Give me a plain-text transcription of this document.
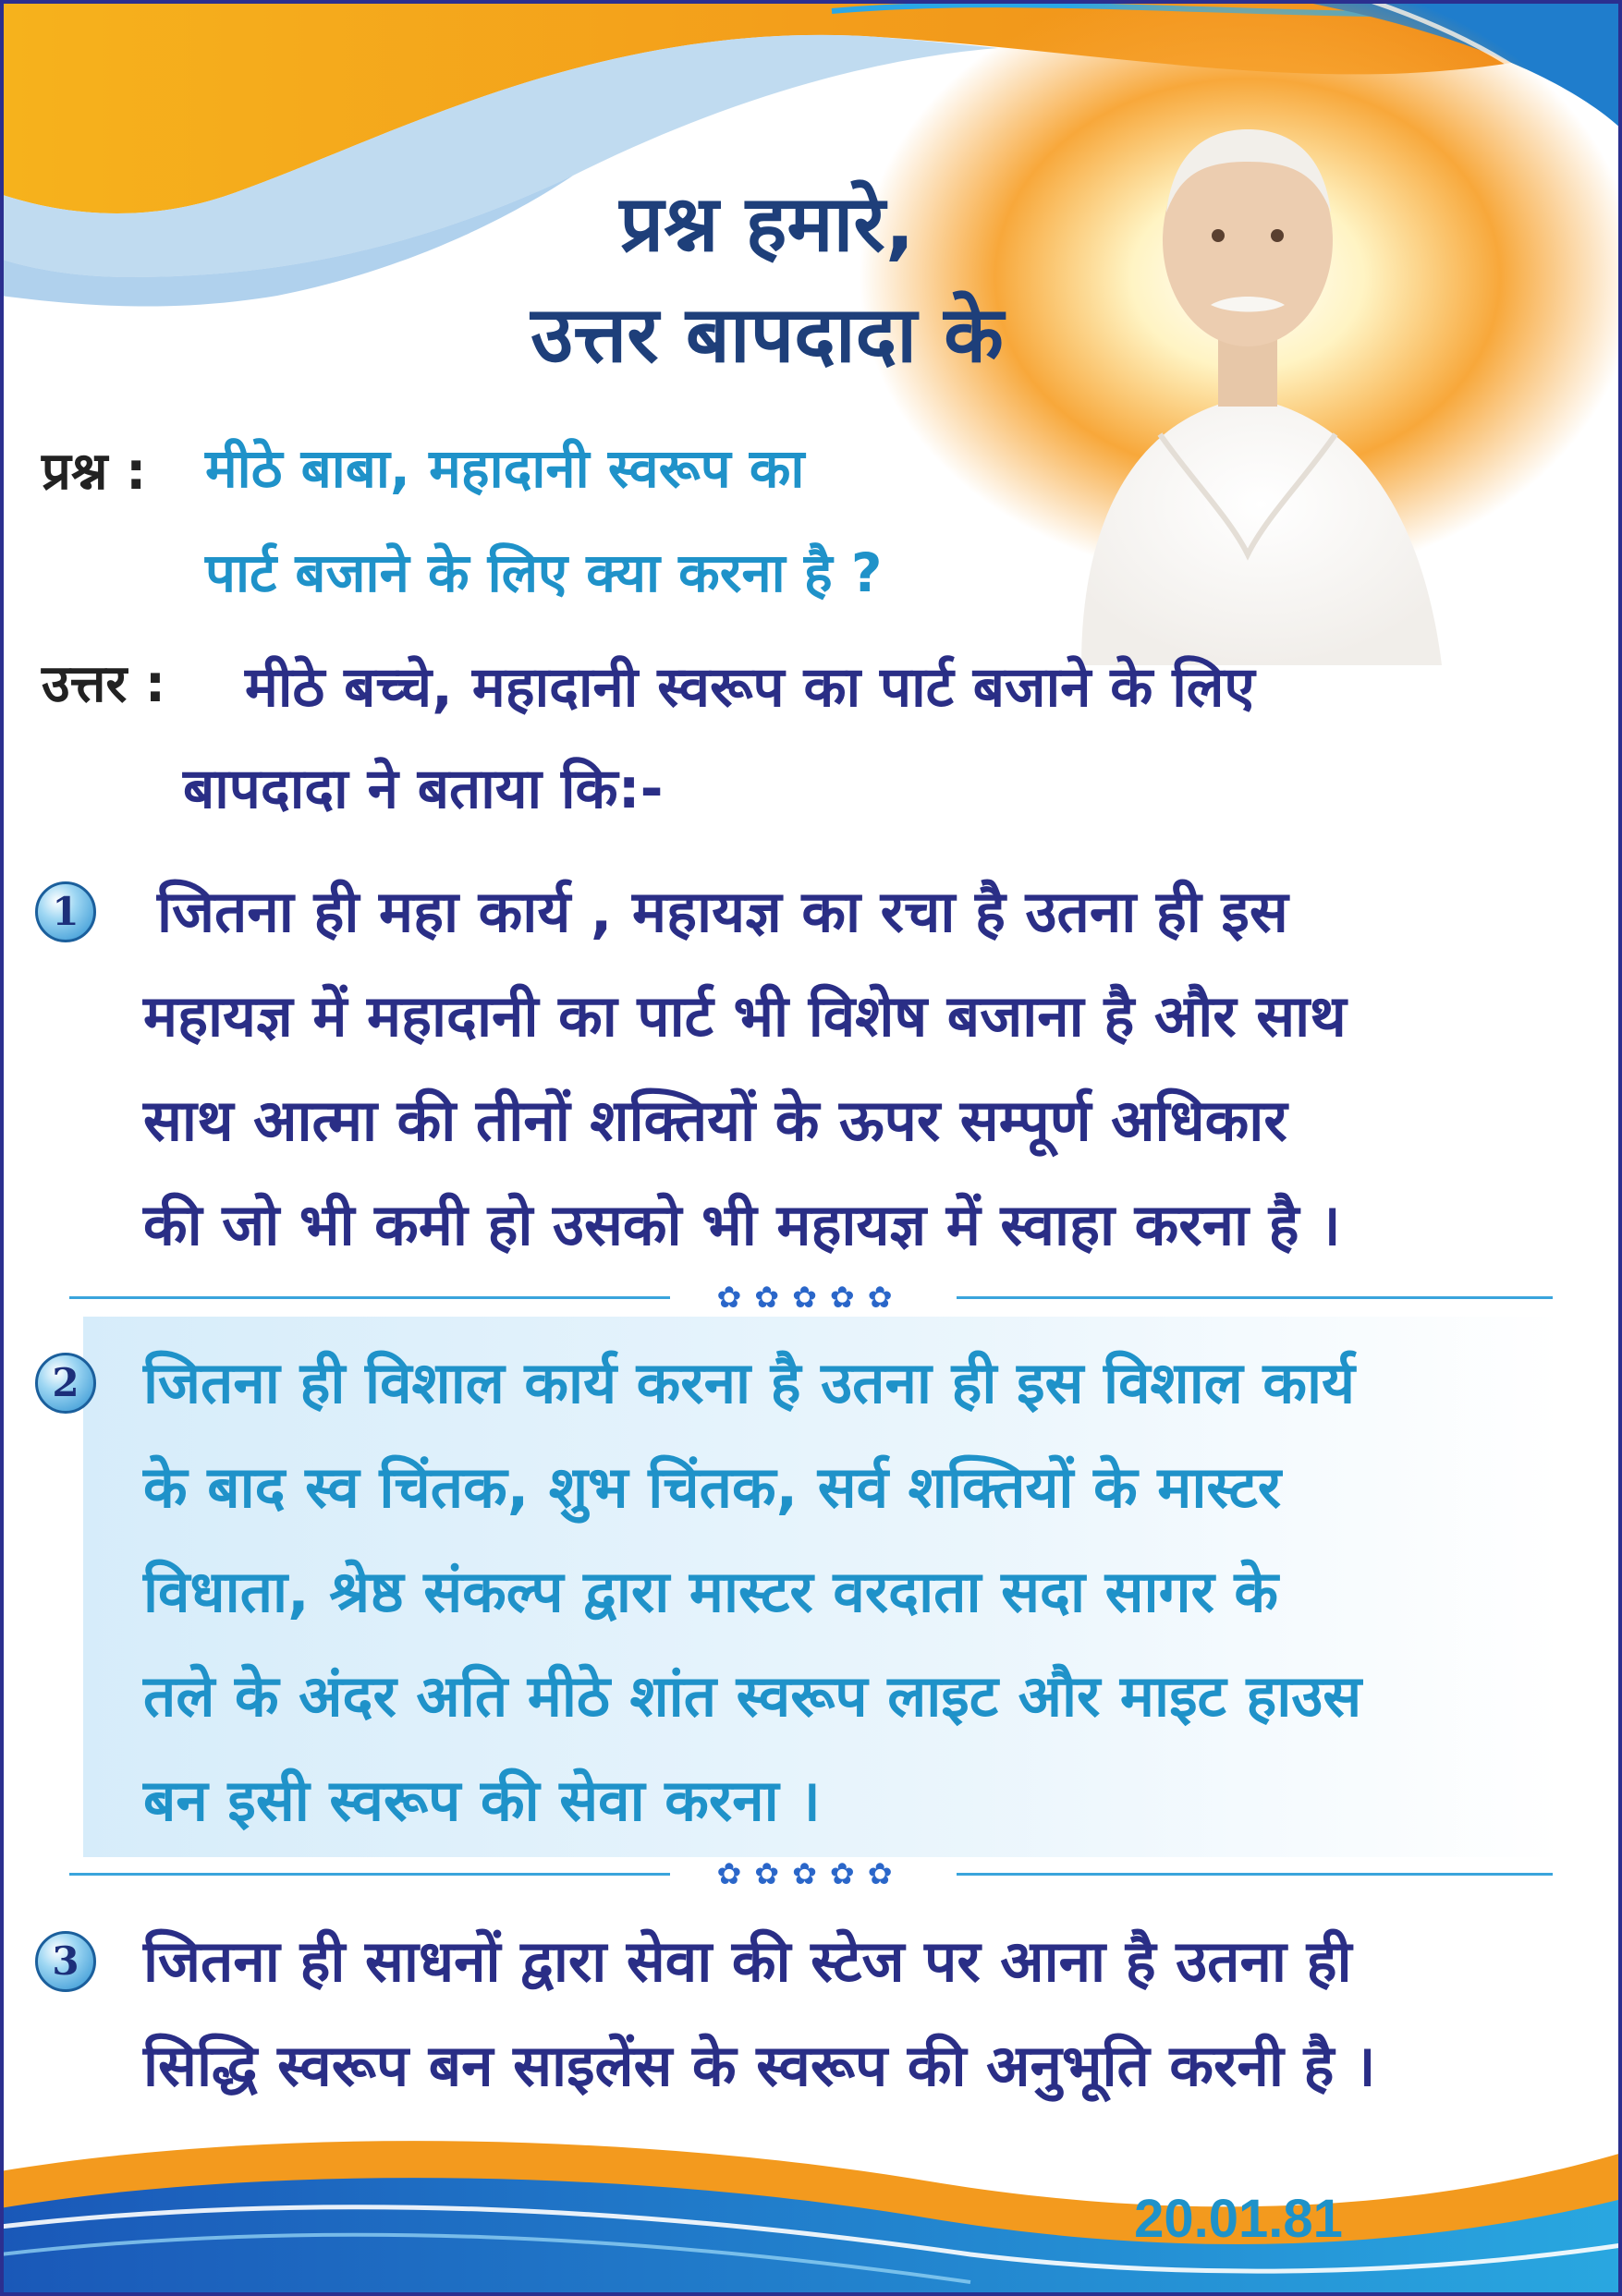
प्रश्न हमारे,
उत्तर बापदादा के
प्रश्न : मीठे बाबा, महादानी स्वरूप का
पार्ट बजाने के लिए क्या करना है ?
उत्तर : मीठे बच्चे, महादानी स्वरूप का पार्ट बजाने के लिए
बापदादा ने बताया कि:-
1 जितना ही महा कार्य , महायज्ञ का रचा है उतना ही इस
महायज्ञ में महादानी का पार्ट भी विशेष बजाना है और साथ
साथ आत्मा की तीनों शक्तियों के ऊपर सम्पूर्ण अधिकार
की जो भी कमी हो उसको भी महायज्ञ में स्वाहा करना है ।
✿✿✿✿✿
2 जितना ही विशाल कार्य करना है उतना ही इस विशाल कार्य
के बाद स्व चिंतक, शुभ चिंतक, सर्व शक्तियों के मास्टर
विधाता, श्रेष्ठ संकल्प द्वारा मास्टर वरदाता सदा सागर के
तले के अंदर अति मीठे शांत स्वरूप लाइट और माइट हाउस
बन इसी स्वरूप की सेवा करना ।
✿✿✿✿✿
3 जितना ही साधनों द्वारा सेवा की स्टेज पर आना है उतना ही
सिद्धि स्वरूप बन साइलेंस के स्वरूप की अनुभूति करनी है ।
20.01.81
